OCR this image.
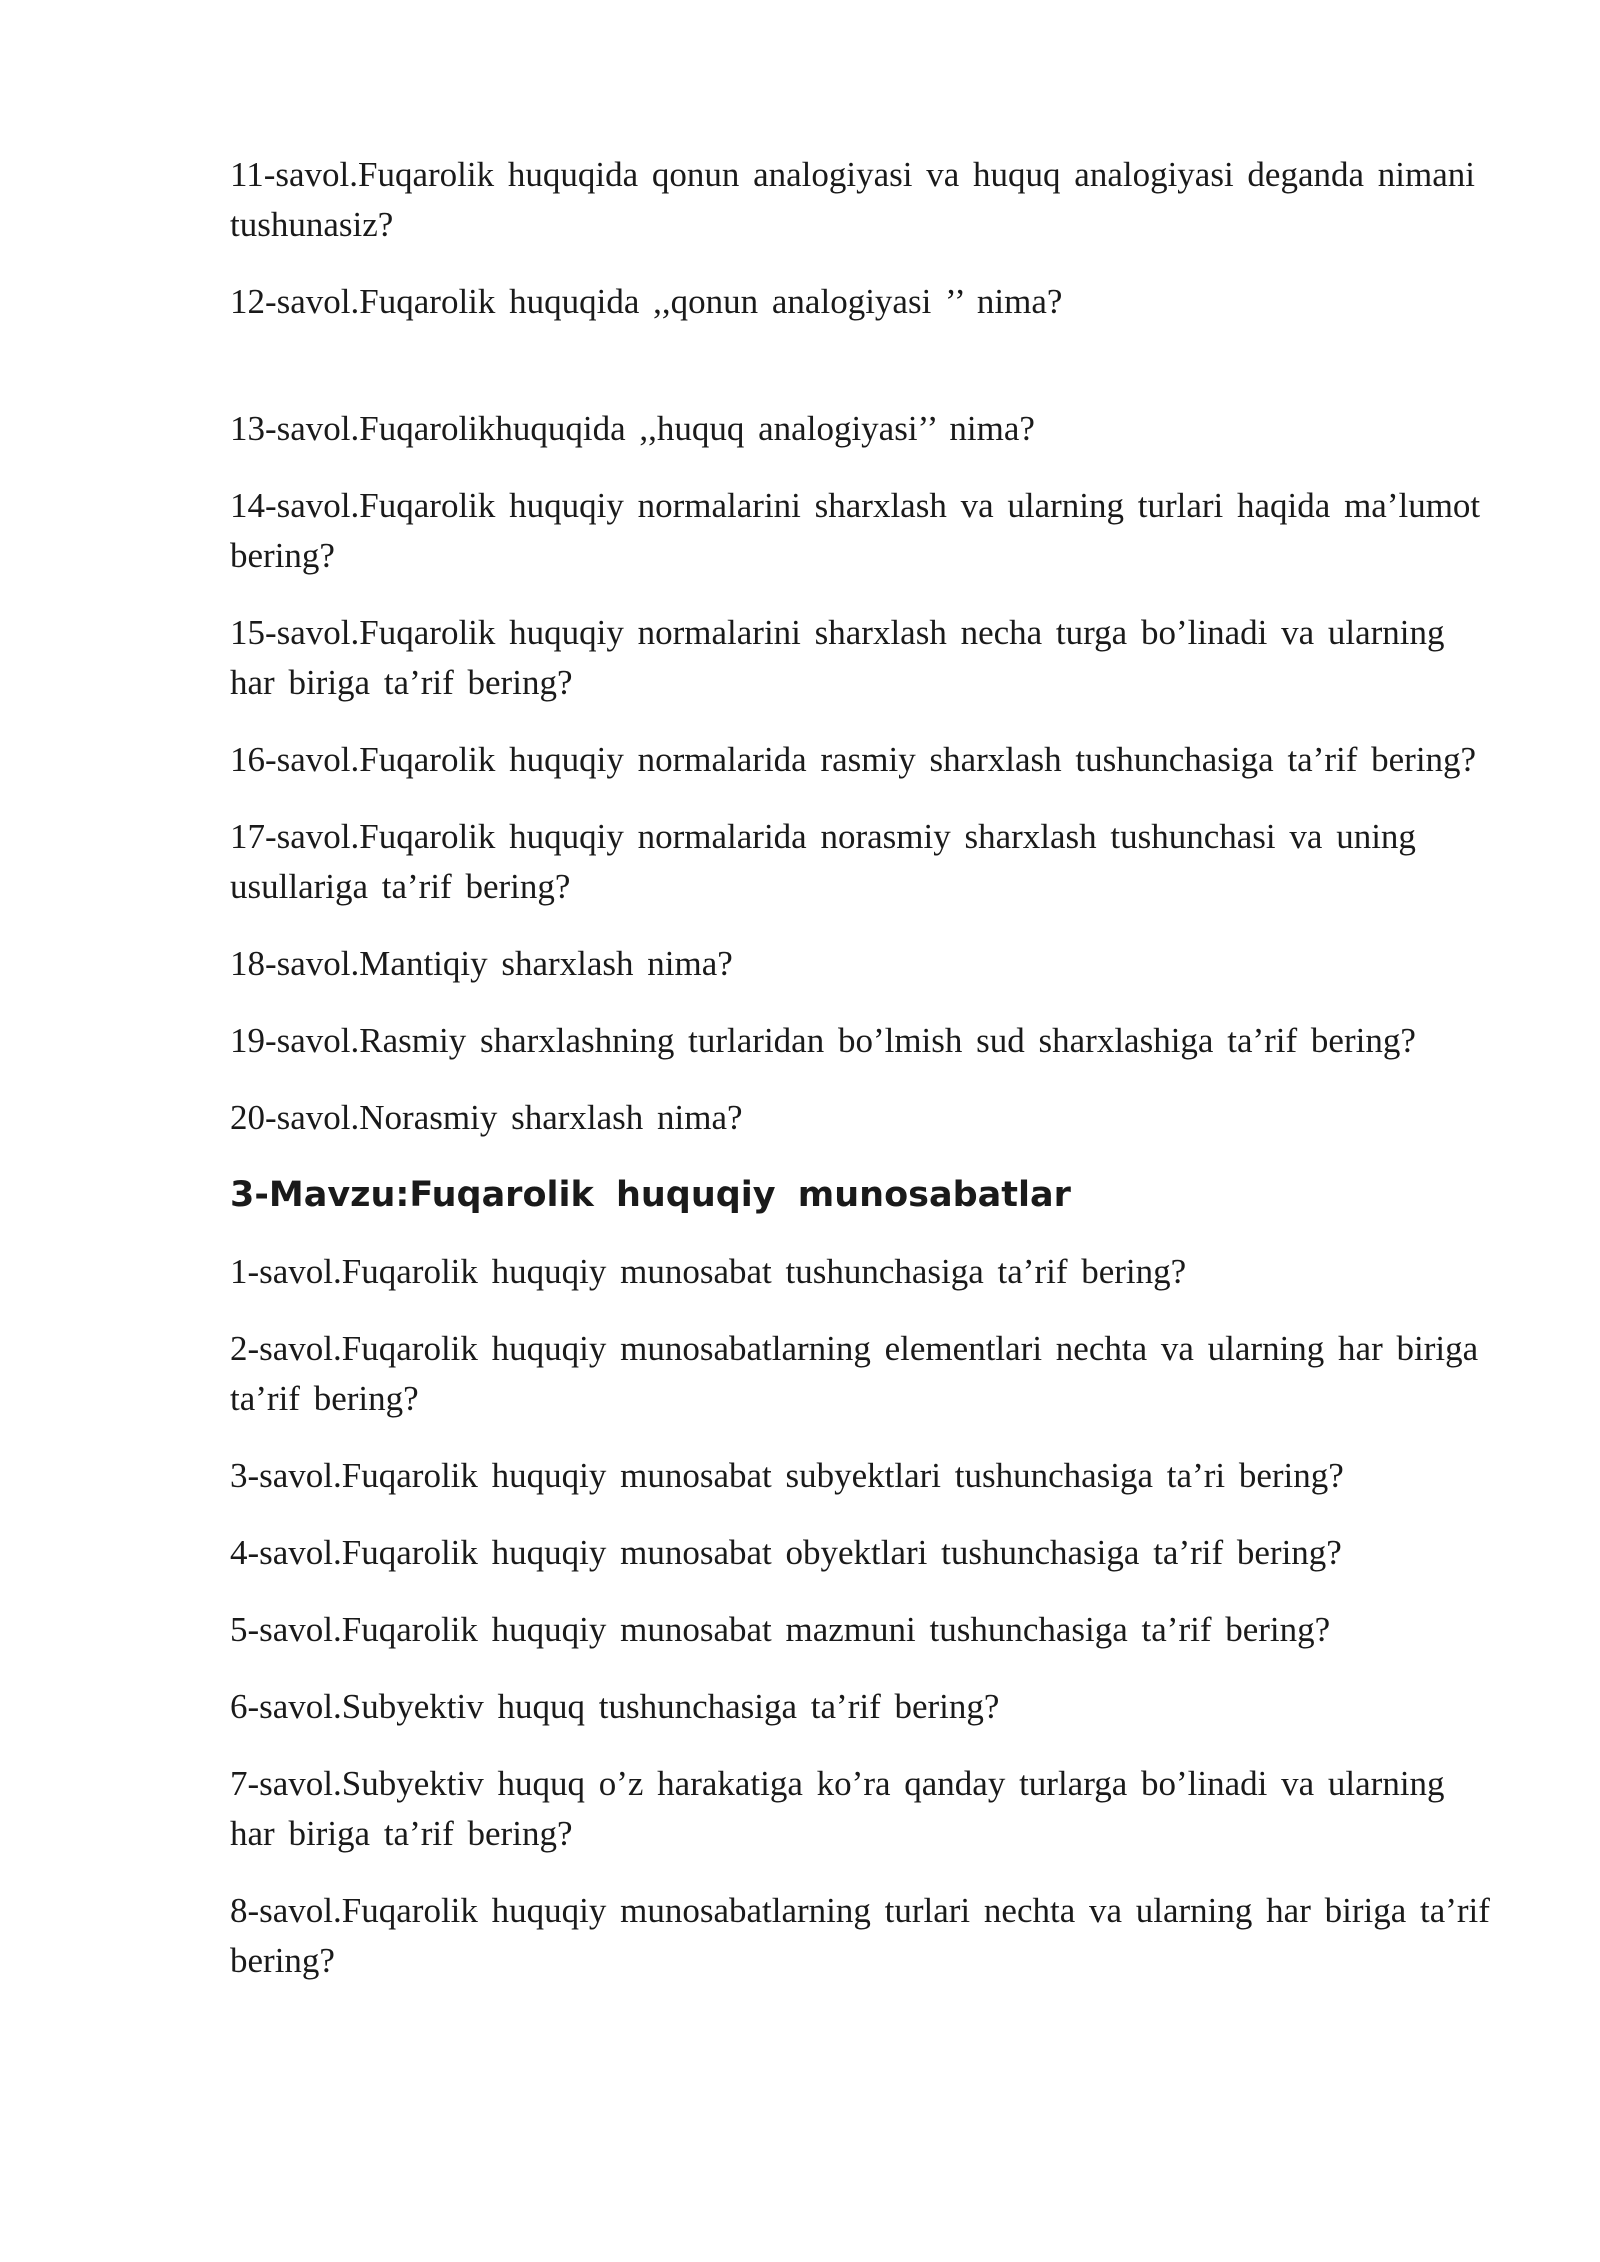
11-savol.Fuqarolik huquqida qonun analogiyasi va huquq analogiyasi deganda nimani tushunasiz?

12-savol.Fuqarolik huquqida ,,qonun analogiyasi ’’ nima?

13-savol.Fuqarolikhuquqida ,,huquq analogiyasi’’ nima?

14-savol.Fuqarolik huquqiy normalarini sharxlash va ularning turlari haqida ma’lumot bering?

15-savol.Fuqarolik huquqiy normalarini sharxlash necha turga bo’linadi va ularning har biriga ta’rif bering?

16-savol.Fuqarolik huquqiy normalarida rasmiy sharxlash tushunchasiga ta’rif bering?

17-savol.Fuqarolik huquqiy normalarida norasmiy sharxlash tushunchasi va uning usullariga ta’rif bering?

18-savol.Mantiqiy sharxlash nima?

19-savol.Rasmiy sharxlashning turlaridan bo’lmish sud sharxlashiga ta’rif bering?

20-savol.Norasmiy sharxlash nima?

3-Mavzu:Fuqarolik huquqiy munosabatlar

1-savol.Fuqarolik huquqiy munosabat tushunchasiga ta’rif bering?

2-savol.Fuqarolik huquqiy munosabatlarning elementlari nechta va ularning har biriga ta’rif bering?

3-savol.Fuqarolik huquqiy munosabat subyektlari tushunchasiga ta’ri bering?

4-savol.Fuqarolik huquqiy munosabat obyektlari tushunchasiga ta’rif bering?

5-savol.Fuqarolik huquqiy munosabat mazmuni tushunchasiga ta’rif bering?

6-savol.Subyektiv huquq tushunchasiga ta’rif bering?

7-savol.Subyektiv huquq o’z harakatiga ko’ra qanday turlarga bo’linadi va ularning har biriga ta’rif bering?

8-savol.Fuqarolik huquqiy munosabatlarning turlari nechta va ularning har biriga ta’rif bering?
